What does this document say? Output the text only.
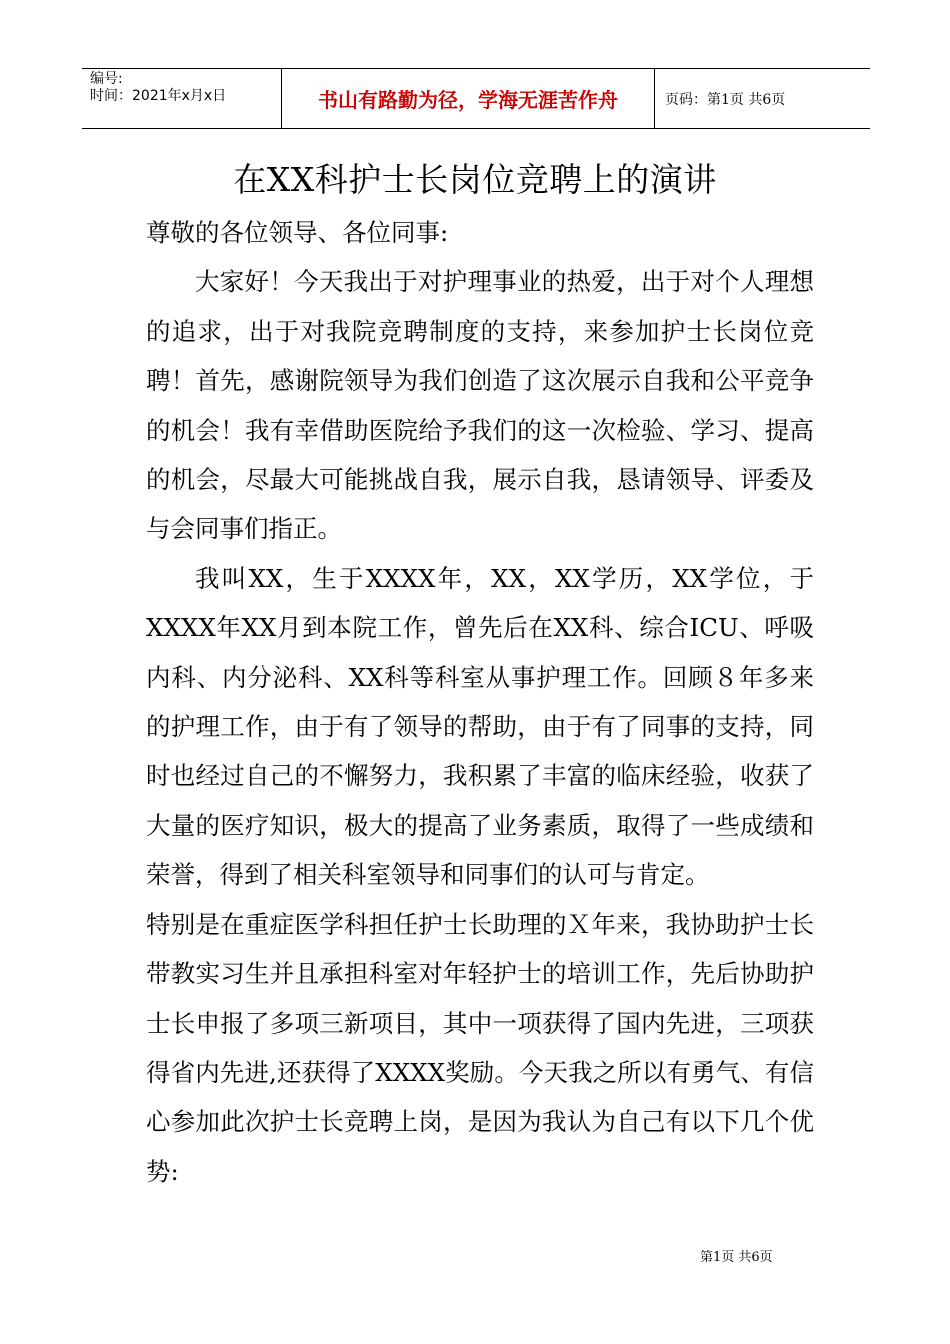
编号:
时间：2021年x月x日	书山有路勤为径，学海无涯苦作舟	页码：第1页 共6页
在XX科护士长岗位竞聘上的演讲

尊敬的各位领导、各位同事:

大家好！今天我出于对护理事业的热爱，出于对个人理想的追求，出于对我院竞聘制度的支持，来参加护士长岗位竞聘！首先，感谢院领导为我们创造了这次展示自我和公平竞争的机会！我有幸借助医院给予我们的这一次检验、学习、提高的机会，尽最大可能挑战自我，展示自我，恳请领导、评委及与会同事们指正。

我叫XX，生于XXXX年，XX，XX学历，XX学位，于XXXX年XX月到本院工作，曾先后在XX科、综合ICU、呼吸内科、内分泌科、XX科等科室从事护理工作。回顾８年多来的护理工作，由于有了领导的帮助，由于有了同事的支持，同时也经过自己的不懈努力，我积累了丰富的临床经验，收获了大量的医疗知识，极大的提高了业务素质，取得了一些成绩和荣誉，得到了相关科室领导和同事们的认可与肯定。

特别是在重症医学科担任护士长助理的Ｘ年来，我协助护士长带教实习生并且承担科室对年轻护士的培训工作，先后协助护士长申报了多项三新项目，其中一项获得了国内先进，三项获得省内先进,还获得了XXXX奖励。今天我之所以有勇气、有信心参加此次护士长竞聘上岗，是因为我认为自己有以下几个优势:

第1页 共6页
